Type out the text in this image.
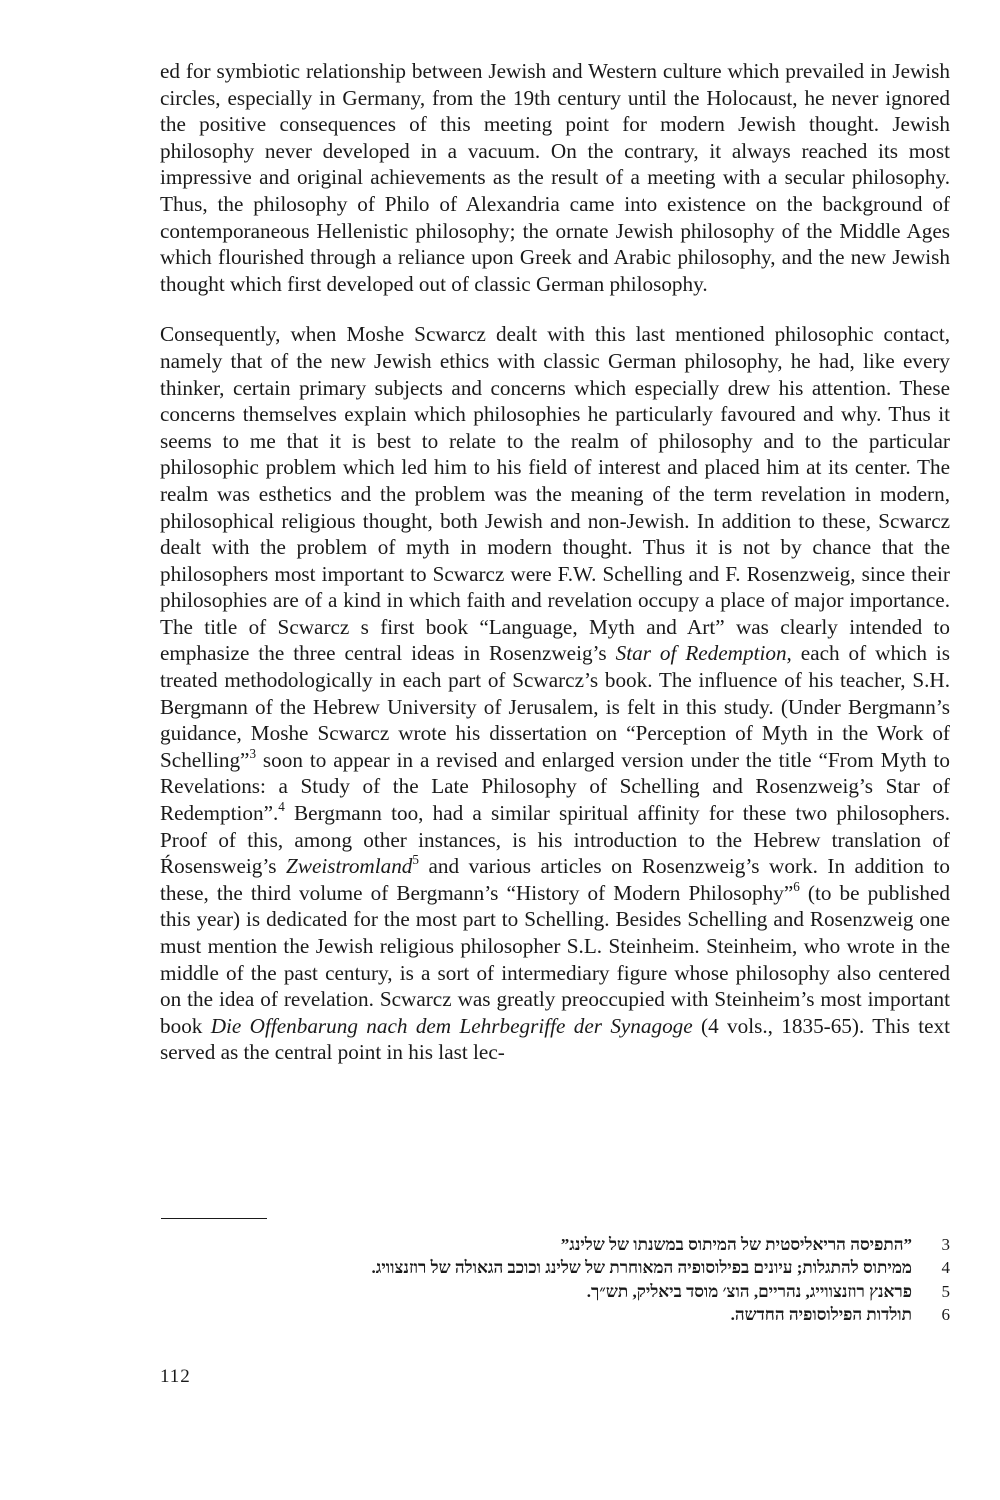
ed for symbiotic relationship between Jewish and Western culture which prevailed in Jewish circles, especially in Germany, from the 19th century until the Holocaust, he never ignored the positive consequences of this meeting point for modern Jewish thought. Jewish philosophy never developed in a vacuum. On the contrary, it always reached its most impressive and original achievements as the result of a meeting with a secular philosophy. Thus, the philosophy of Philo of Alexandria came into existence on the background of contemporaneous Hellenistic philosophy; the ornate Jewish philosophy of the Middle Ages which flourished through a reliance upon Greek and Arabic philosophy, and the new Jewish thought which first developed out of classic German philosophy.

Consequently, when Moshe Scwarcz dealt with this last mentioned philosophic contact, namely that of the new Jewish ethics with classic German philosophy, he had, like every thinker, certain primary subjects and concerns which especially drew his attention. These concerns themselves explain which philosophies he particularly favoured and why. Thus it seems to me that it is best to relate to the realm of philosophy and to the particular philosophic problem which led him to his field of interest and placed him at its center. The realm was esthetics and the problem was the meaning of the term revelation in modern, philosophical religious thought, both Jewish and non-Jewish. In addition to these, Scwarcz dealt with the problem of myth in modern thought. Thus it is not by chance that the philosophers most important to Scwarcz were F.W. Schelling and F. Rosenzweig, since their philosophies are of a kind in which faith and revelation occupy a place of major importance. The title of Scwarcz s first book “Language, Myth and Art” was clearly intended to emphasize the three central ideas in Rosenzweig’s Star of Redemption, each of which is treated methodologically in each part of Scwarcz’s book. The influence of his teacher, S.H. Bergmann of the Hebrew University of Jerusalem, is felt in this study. (Under Bergmann’s guidance, Moshe Scwarcz wrote his dissertation on “Perception of Myth in the Work of Schelling”$^3$ soon to appear in a revised and enlarged version under the title “From Myth to Revelations: a Study of the Late Philosophy of Schelling and Rosenzweig’s Star of Redemption”.$^4$ Bergmann too, had a similar spiritual affinity for these two philosophers. Proof of this, among other instances, is his introduction to the Hebrew translation of Ŕosensweig’s Zweistromland$^5$ and various articles on Rosenzweig’s work. In addition to these, the third volume of Bergmann’s “History of Modern Philosophy”$^6$ (to be published this year) is dedicated for the most part to Schelling. Besides Schelling and Rosenzweig one must mention the Jewish religious philosopher S.L. Steinheim. Steinheim, who wrote in the middle of the past century, is a sort of intermediary figure whose philosophy also centered on the idea of revelation. Scwarcz was greatly preoccupied with Steinheim’s most important book Die Offenbarung nach dem Lehrbegriffe der Synagoge (4 vols., 1835-65). This text served as the central point in his last lec-

3
”התפיסה הריאליסטית של המיתוס במשנתו של שלינג”
4
ממיתוס להתגלות; עיונים בפילוסופיה המאוחרת של שלינג וכוכב הגאולה של רוזנצוויג.
5
פראנץ רוזנצווייג, נהריים, הוצ׳ מוסד ביאליק, תש״ך.
6
תולדות הפילוסופיה החדשה.
112
